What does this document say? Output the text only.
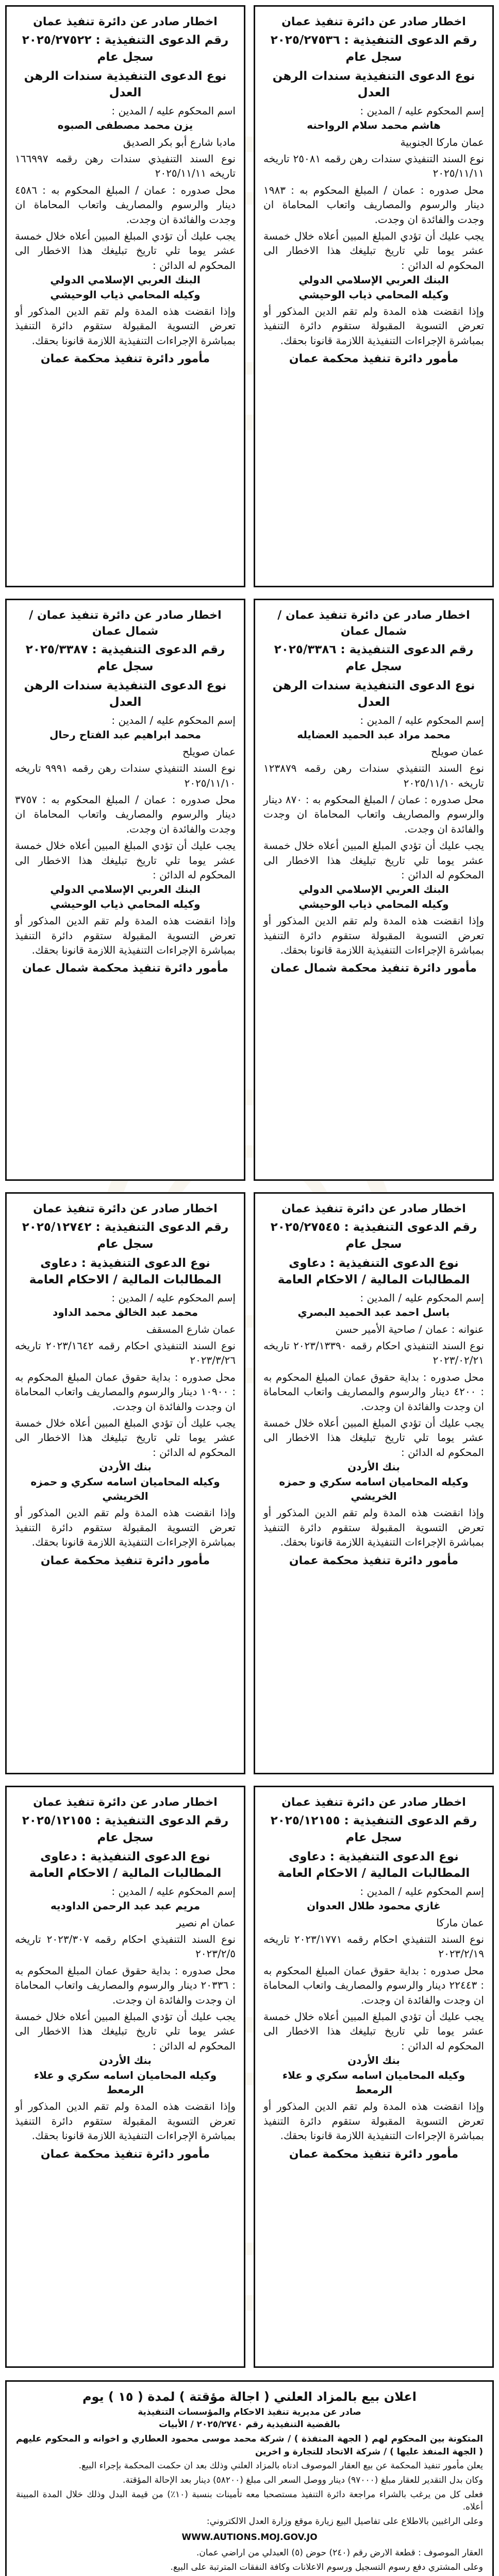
اخطار صادر عن دائرة تنفيذ عمان
رقم الدعوى التنفيذية : ٢٠٢٥/٢٧٥٣٦ سجل عام
نوع الدعوى التنفيذية سندات الرهن العدل
إسم المحكوم عليه / المدين :
هاشم محمد سلام الرواحنه
عمان ماركا الجنوبية
نوع السند التنفيذي سندات رهن رقمه ٢٥٠٨١ تاريخه ٢٠٢٥/١١/١١
محل صدوره : عمان / المبلغ المحكوم به : ١٩٨٣ دينار والرسوم والمصاريف واتعاب المحاماة ان وجدت والفائدة ان وجدت.
يجب عليك أن تؤدي المبلغ المبين أعلاه خلال خمسة عشر يوما تلي تاريخ تبليغك هذا الاخطار الى المحكوم له الدائن :
البنك العربي الإسلامي الدولي
وكيله المحامي ذياب الوحيشي
وإذا انقضت هذه المدة ولم تقم الدين المذكور أو تعرض التسوية المقبولة ستقوم دائرة التنفيذ بمباشرة الإجراءات التنفيذية اللازمة قانونا بحقك.
مأمور دائرة تنفيذ محكمة عمان
اخطار صادر عن دائرة تنفيذ عمان
رقم الدعوى التنفيذية : ٢٠٢٥/٢٧٥٢٢ سجل عام
نوع الدعوى التنفيذية سندات الرهن العدل
اسم المحكوم عليه / المدين :
يزن محمد مصطفى الصبوه
مادبا شارع أبو بكر الصديق
نوع السند التنفيذي سندات رهن رقمه ١٦٦٩٩٧ تاريخه ٢٠٢٥/١١/١١
محل صدوره : عمان / المبلغ المحكوم به : ٤٥٨٦ دينار والرسوم والمصاريف واتعاب المحاماة ان وجدت والفائدة ان وجدت.
يجب عليك أن تؤدي المبلغ المبين أعلاه خلال خمسة عشر يوما تلي تاريخ تبليغك هذا الاخطار الى المحكوم له الدائن :
البنك العربي الإسلامي الدولي
وكيله المحامي ذياب الوحيشي
وإذا انقضت هذه المدة ولم تقم الدين المذكور أو تعرض التسوية المقبولة ستقوم دائرة التنفيذ بمباشرة الإجراءات التنفيذية اللازمة قانونا بحقك.
مأمور دائرة تنفيذ محكمة عمان
اخطار صادر عن دائرة تنفيذ عمان / شمال عمان
رقم الدعوى التنفيذية : ٢٠٢٥/٣٣٨٦ سجل عام
نوع الدعوى التنفيذية سندات الرهن العدل
إسم المحكوم عليه / المدين :
محمد مراد عبد الحميد العضايله
عمان صويلح
نوع السند التنفيذي سندات رهن رقمه ١٢٣٨٧٩ تاريخه ٢٠٢٥/١١/١٠
محل صدوره : عمان / المبلغ المحكوم به : ٨٧٠ دينار والرسوم والمصاريف واتعاب المحاماة ان وجدت والفائدة ان وجدت.
يجب عليك أن تؤدي المبلغ المبين أعلاه خلال خمسة عشر يوما تلي تاريخ تبليغك هذا الاخطار الى المحكوم له الدائن :
البنك العربي الإسلامي الدولي
وكيله المحامي ذياب الوحيشي
وإذا انقضت هذه المدة ولم تقم الدين المذكور أو تعرض التسوية المقبولة ستقوم دائرة التنفيذ بمباشرة الإجراءات التنفيذية اللازمة قانونا بحقك.
مأمور دائرة تنفيذ محكمة شمال عمان
اخطار صادر عن دائرة تنفيذ عمان / شمال عمان
رقم الدعوى التنفيذية : ٢٠٢٥/٣٣٨٧ سجل عام
نوع الدعوى التنفيذية سندات الرهن العدل
إسم المحكوم عليه / المدين :
محمد ابراهيم عبد الفتاح رحال
عمان صويلح
نوع السند التنفيذي سندات رهن رقمه ٩٩٩١ تاريخه ٢٠٢٥/١١/١٠
محل صدوره : عمان / المبلغ المحكوم به : ٣٧٥٧ دينار والرسوم والمصاريف واتعاب المحاماة ان وجدت والفائدة ان وجدت.
يجب عليك أن تؤدي المبلغ المبين أعلاه خلال خمسة عشر يوما تلي تاريخ تبليغك هذا الاخطار الى المحكوم له الدائن :
البنك العربي الإسلامي الدولي
وكيله المحامي ذياب الوحيشي
وإذا انقضت هذه المدة ولم تقم الدين المذكور أو تعرض التسوية المقبولة ستقوم دائرة التنفيذ بمباشرة الإجراءات التنفيذية اللازمة قانونا بحقك.
مأمور دائرة تنفيذ محكمة شمال عمان
اخطار صادر عن دائرة تنفيذ عمان
رقم الدعوى التنفيذية : ٢٠٢٥/٢٧٥٤٥ سجل عام
نوع الدعوى التنفيذية : دعاوى المطالبات المالية / الاحكام العامة
إسم المحكوم عليه / المدين :
باسل احمد عبد الحميد البصري
عنوانه : عمان / صاحية الأمير حسن
نوع السند التنفيذي احكام رقمه ٢٠٢٣/١٣٣٩٠ تاريخه ٢٠٢٣/٠٢/٢١
محل صدوره : بداية حقوق عمان المبلغ المحكوم به : ٤٢٠٠ دينار والرسوم والمصاريف واتعاب المحاماة ان وجدت والفائدة ان وجدت.
يجب عليك أن تؤدي المبلغ المبين أعلاه خلال خمسة عشر يوما تلي تاريخ تبليغك هذا الاخطار الى المحكوم له الدائن :
بنك الأردن
وكيله المحاميان اسامه سكري و حمزه الخريشي
وإذا انقضت هذه المدة ولم تقم الدين المذكور أو تعرض التسوية المقبولة ستقوم دائرة التنفيذ بمباشرة الإجراءات التنفيذية اللازمة قانونا بحقك.
مأمور دائرة تنفيذ محكمة عمان
اخطار صادر عن دائرة تنفيذ عمان
رقم الدعوى التنفيذية : ٢٠٢٥/١٢٧٤٢ سجل عام
نوع الدعوى التنفيذية : دعاوى المطالبات المالية / الاحكام العامة
إسم المحكوم عليه / المدين :
محمد عبد الخالق محمد الداود
عمان شارع المسقف
نوع السند التنفيذي احكام رقمه ٢٠٢٣/١٦٤٢ تاريخه ٢٠٢٣/٣/٢٦
محل صدوره : بداية حقوق عمان المبلغ المحكوم به : ١٠٩٠٠ دينار والرسوم والمصاريف واتعاب المحاماة ان وجدت والفائدة ان وجدت.
يجب عليك أن تؤدي المبلغ المبين أعلاه خلال خمسة عشر يوما تلي تاريخ تبليغك هذا الاخطار الى المحكوم له الدائن :
بنك الأردن
وكيله المحاميان اسامه سكري و حمزه الخريشي
وإذا انقضت هذه المدة ولم تقم الدين المذكور أو تعرض التسوية المقبولة ستقوم دائرة التنفيذ بمباشرة الإجراءات التنفيذية اللازمة قانونا بحقك.
مأمور دائرة تنفيذ محكمة عمان
اخطار صادر عن دائرة تنفيذ عمان
رقم الدعوى التنفيذية : ٢٠٢٥/١٢١٥٥ سجل عام
نوع الدعوى التنفيذية : دعاوى المطالبات المالية / الاحكام العامة
إسم المحكوم عليه / المدين :
غازي محمود طلال العدوان
عمان ماركا
نوع السند التنفيذي احكام رقمه ٢٠٢٣/١٧٧١ تاريخه ٢٠٢٣/٢/١٩
محل صدوره : بداية حقوق عمان المبلغ المحكوم به : ٢٢٤٤٣ دينار والرسوم والمصاريف واتعاب المحاماة ان وجدت والفائدة ان وجدت.
يجب عليك أن تؤدي المبلغ المبين أعلاه خلال خمسة عشر يوما تلي تاريخ تبليغك هذا الاخطار الى المحكوم له الدائن :
بنك الأردن
وكيله المحاميان اسامه سكري و علاء الرمعط
وإذا انقضت هذه المدة ولم تقم الدين المذكور أو تعرض التسوية المقبولة ستقوم دائرة التنفيذ بمباشرة الإجراءات التنفيذية اللازمة قانونا بحقك.
مأمور دائرة تنفيذ محكمة عمان
اخطار صادر عن دائرة تنفيذ عمان
رقم الدعوى التنفيذية : ٢٠٢٥/١٢١٥٥ سجل عام
نوع الدعوى التنفيذية : دعاوى المطالبات المالية / الاحكام العامة
إسم المحكوم عليه / المدين :
مريم عبد عبد الرحمن الداوديه
عمان ام نصير
نوع السند التنفيذي احكام رقمه ٢٠٢٣/٣٠٧ تاريخه ٢٠٢٣/٢/٥
محل صدوره : بداية حقوق عمان المبلغ المحكوم به : ٢٠٣٣٦ دينار والرسوم والمصاريف واتعاب المحاماة ان وجدت والفائدة ان وجدت.
يجب عليك أن تؤدي المبلغ المبين أعلاه خلال خمسة عشر يوما تلي تاريخ تبليغك هذا الاخطار الى المحكوم له الدائن :
بنك الأردن
وكيله المحاميان اسامه سكري و علاء الرمعط
وإذا انقضت هذه المدة ولم تقم الدين المذكور أو تعرض التسوية المقبولة ستقوم دائرة التنفيذ بمباشرة الإجراءات التنفيذية اللازمة قانونا بحقك.
مأمور دائرة تنفيذ محكمة عمان
اعلان بيع بالمزاد العلني ( اجالة مؤقتة ) لمدة ( ١٥ ) يوم
صادر عن مديرية تنفيذ الاحكام والمؤسسات التنفيذية
بالقضية التنفيذية رقم ٢٠٢٥/٢٧٤٠ / الأبيات
المتكونة بين المحكوم لهم ( الجهة المنفذة ) / شركة محمد موسى محمود العطاري و اخوانه و المحكوم عليهم ( الجهة المنفذ عليها ) / شركة الاتحاد للتجارة و اخرين
يعلن مأمور تنفيذ المحكمة عن بيع العقار الموصوف ادناه بالمزاد العلني وذلك بعد ان حكمت المحكمة بإجراء البيع.
وكان بدل التقدير للعقار مبلغ (٩٧٠٠٠) دينار ووصل السعر الى مبلغ (٥٨٢٠٠) دينار بعد الإحالة المؤقتة.
فعلى كل من يرغب بالشراء مراجعة دائرة التنفيذ مستصحبا معه تأمينات بنسبة (١٠٪) من قيمة البدل وذلك خلال المدة المبينة أعلاه.
وعلى الراغبين بالاطلاع على تفاصيل البيع زيارة موقع وزارة العدل الالكتروني:
WWW.AUTIONS.MOJ.GOV.JO
العقار الموصوف : قطعة الارض رقم (٢٤٠) حوض (٥) العبدلي من اراضي عمان.
وعلى المشتري دفع رسوم التسجيل ورسوم الاعلانات وكافة النفقات المترتبة على البيع.
